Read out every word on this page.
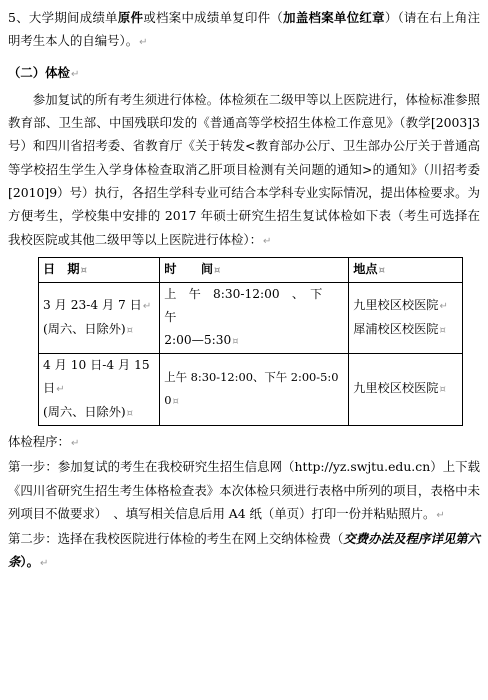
5、大学期间成绩单原件或档案中成绩单复印件（加盖档案单位红章）（请在右上角注明考生本人的自编号）。↵

（二）体检↵

参加复试的所有考生须进行体检。体检须在二级甲等以上医院进行，体检标准参照教育部、卫生部、中国残联印发的《普通高等学校招生体检工作意见》（教学[2003]3 号）和四川省招考委、省教育厅《关于转发<教育部办公厅、卫生部办公厅关于普通高等学校招生学生入学身体检查取消乙肝项目检测有关问题的通知>的通知》（川招考委[2010]9）号）执行，各招生学科专业可结合本学科专业实际情况，提出体检要求。为方便考生，学校集中安排的 2017 年硕士研究生招生复试体检如下表（考生可选择在我校医院或其他二级甲等以上医院进行体检）：↵

日　期¤	时　　间¤	地点¤

3 月 23-4 月 7 日↵
(周六、日除外)¤	上　午　8:30-12:00　、　下　午
2:00—5:30¤	九里校区校医院↵
犀浦校区校医院¤

4 月 10 日-4 月 15 日↵
(周六、日除外)¤	上午 8:30-12:00、下午 2:00-5:00¤	九里校区校医院¤

体检程序：↵

第一步：参加复试的考生在我校研究生招生信息网（http://yz.swjtu.edu.cn）上下载《四川省研究生招生考生体格检查表》本次体检只须进行表格中所列的项目，表格中未列项目不做要求）　、填写相关信息后用 A4 纸（单页）打印一份并粘贴照片。↵

第二步：选择在我校医院进行体检的考生在网上交纳体检费（交费办法及程序详见第六条）。↵
